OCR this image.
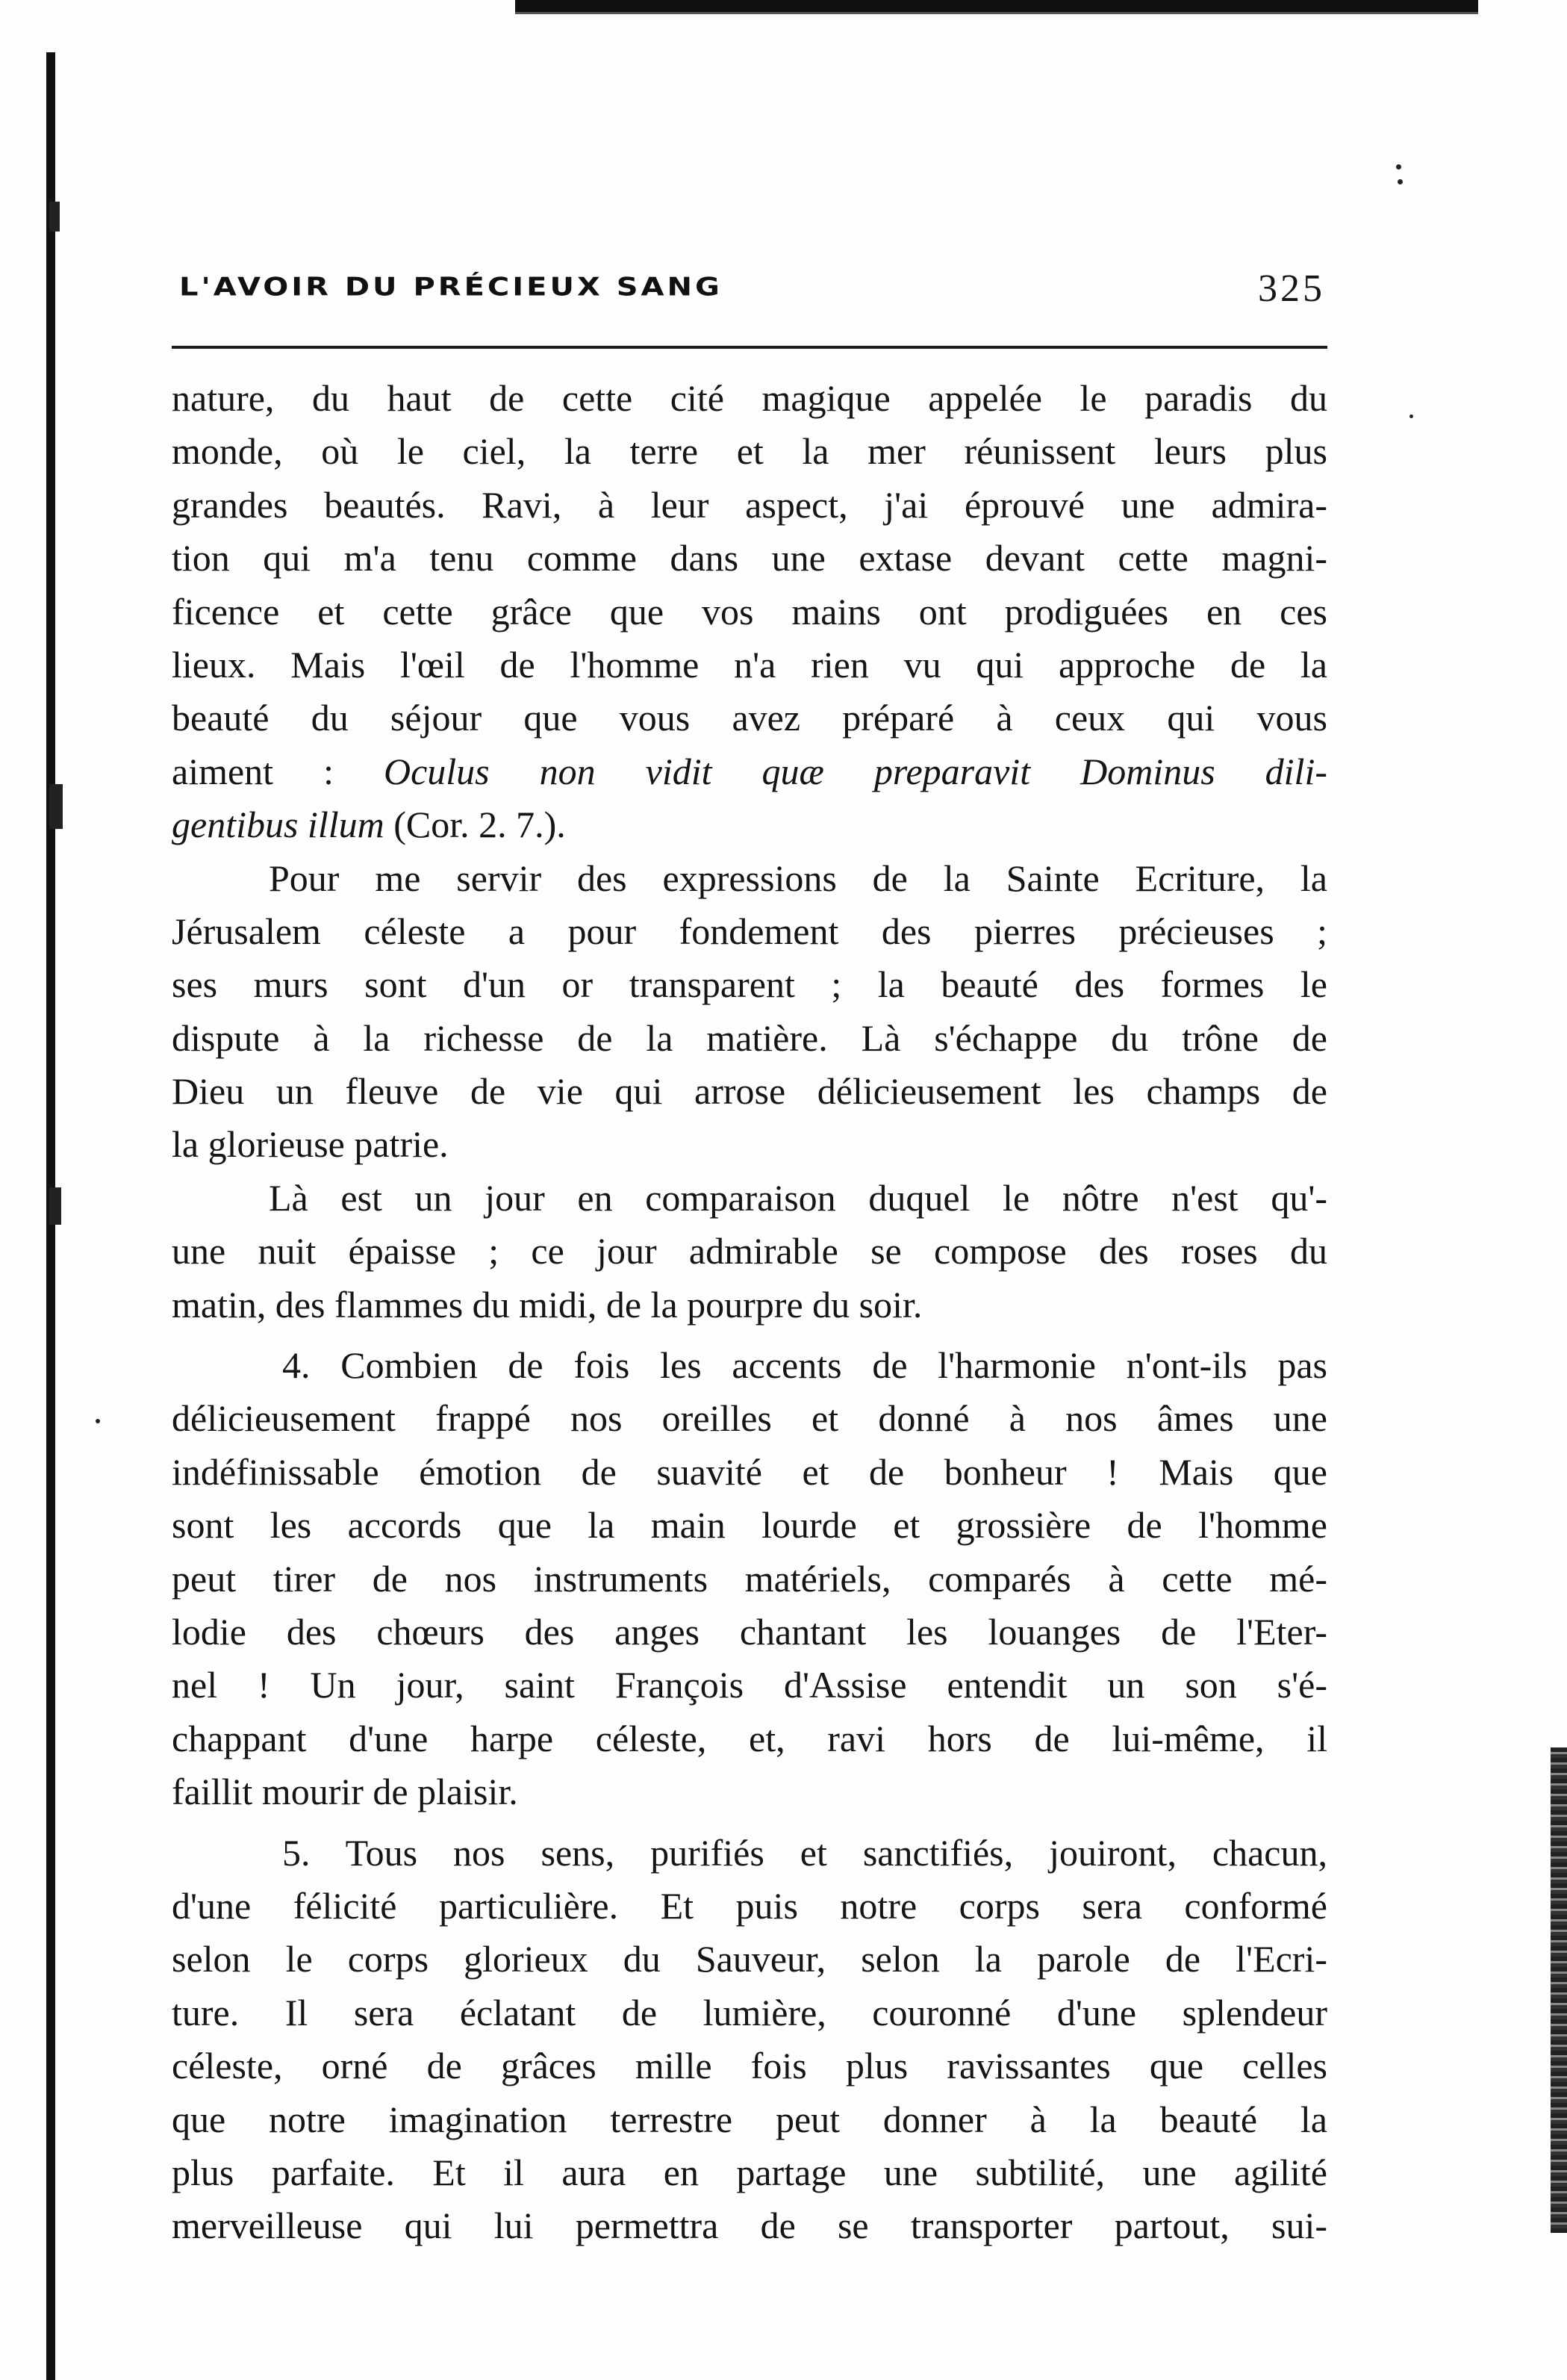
L'AVOIR DU PRÉCIEUX SANG	325
nature, du haut de cette cité magique appelée le paradis du
monde, où le ciel, la terre et la mer réunissent leurs plus
grandes beautés. Ravi, à leur aspect, j'ai éprouvé une admira-
tion qui m'a tenu comme dans une extase devant cette magni-
ficence et cette grâce que vos mains ont prodiguées en ces
lieux. Mais l'œil de l'homme n'a rien vu qui approche de la
beauté du séjour que vous avez préparé à ceux qui vous
aiment : Oculus non vidit quæ preparavit Dominus dili-
gentibus illum (Cor. 2. 7.).
Pour me servir des expressions de la Sainte Ecriture, la
Jérusalem céleste a pour fondement des pierres précieuses ;
ses murs sont d'un or transparent ; la beauté des formes le
dispute à la richesse de la matière. Là s'échappe du trône de
Dieu un fleuve de vie qui arrose délicieusement les champs de
la glorieuse patrie.
Là est un jour en comparaison duquel le nôtre n'est qu'-
une nuit épaisse ; ce jour admirable se compose des roses du
matin, des flammes du midi, de la pourpre du soir.
4. Combien de fois les accents de l'harmonie n'ont-ils pas
délicieusement frappé nos oreilles et donné à nos âmes une
indéfinissable émotion de suavité et de bonheur ! Mais que
sont les accords que la main lourde et grossière de l'homme
peut tirer de nos instruments matériels, comparés à cette mé-
lodie des chœurs des anges chantant les louanges de l'Eter-
nel ! Un jour, saint François d'Assise entendit un son s'é-
chappant d'une harpe céleste, et, ravi hors de lui-même, il
faillit mourir de plaisir.
5. Tous nos sens, purifiés et sanctifiés, jouiront, chacun,
d'une félicité particulière. Et puis notre corps sera conformé
selon le corps glorieux du Sauveur, selon la parole de l'Ecri-
ture. Il sera éclatant de lumière, couronné d'une splendeur
céleste, orné de grâces mille fois plus ravissantes que celles
que notre imagination terrestre peut donner à la beauté la
plus parfaite. Et il aura en partage une subtilité, une agilité
merveilleuse qui lui permettra de se transporter partout, sui-
